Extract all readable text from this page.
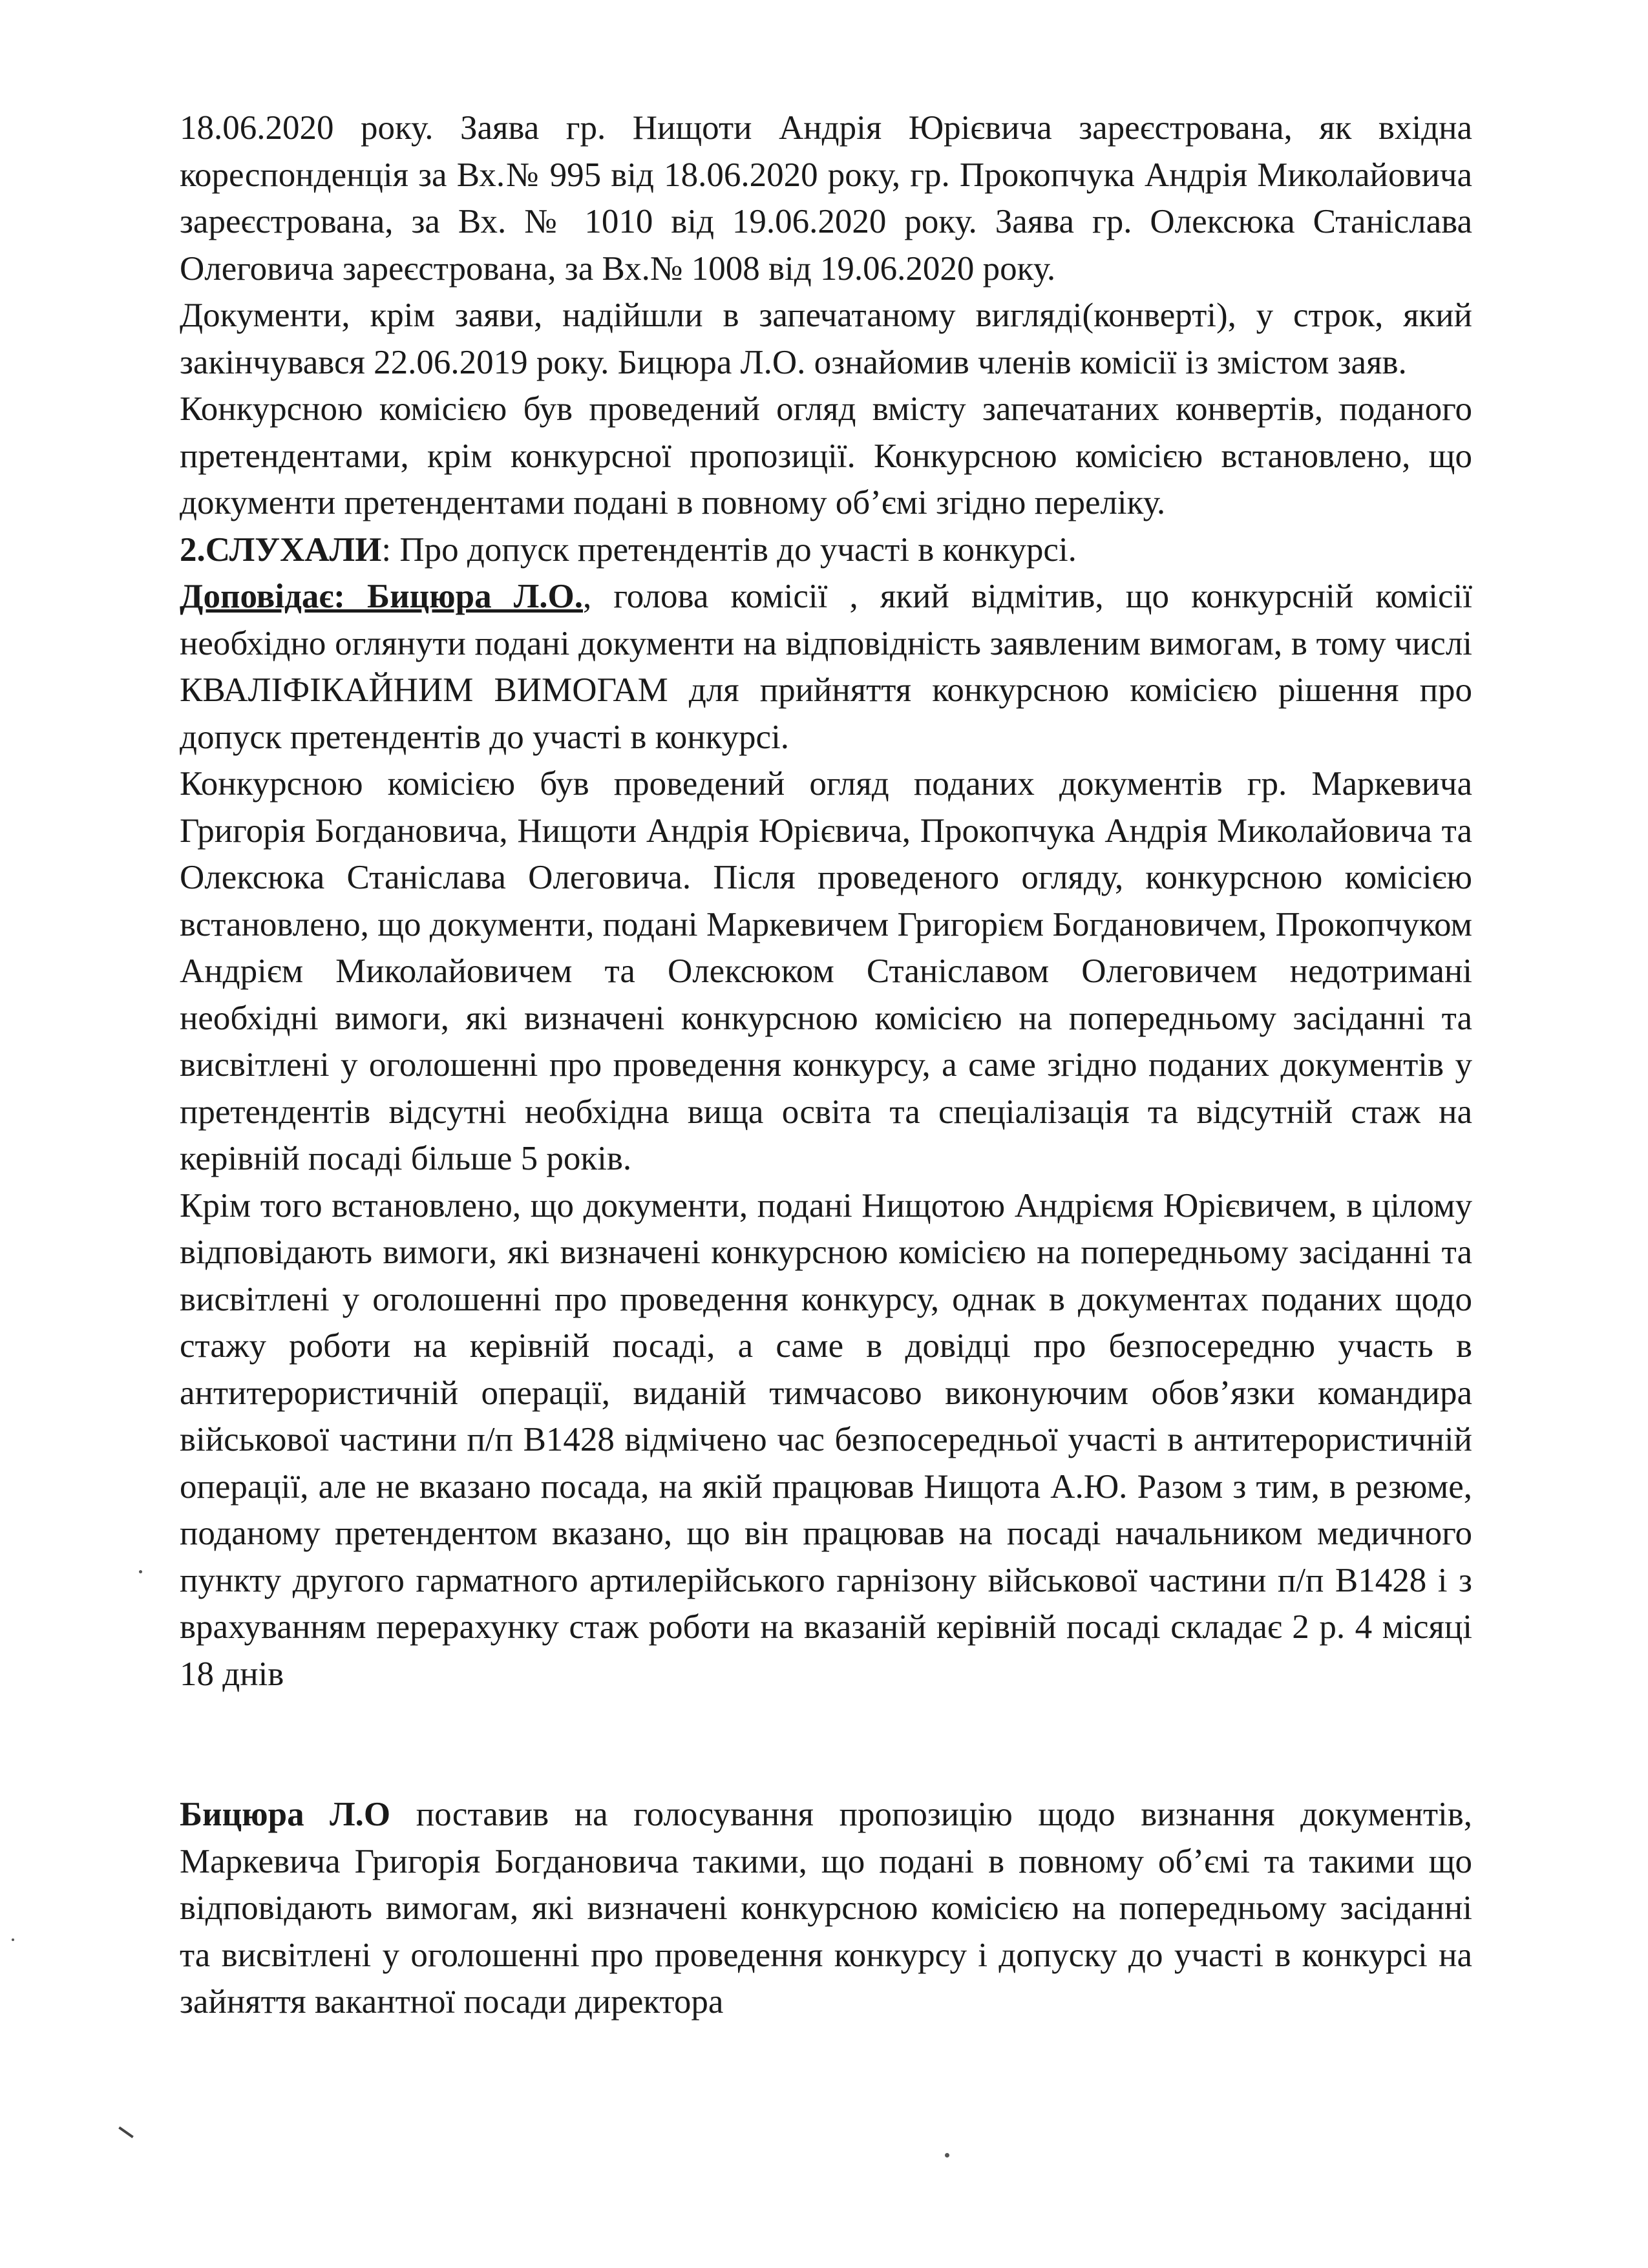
18.06.2020 року. Заява гр. Нищоти Андрія Юрієвича зареєстрована, як вхідна кореспонденція за Вх.№ 995 від 18.06.2020 року, гр. Прокопчука Андрія Миколайовича зареєстрована, за Вх. № 1010 від 19.06.2020 року. Заява гр. Олексюка Станіслава Олеговича зареєстрована, за Вх.№ 1008 від 19.06.2020 року.

Документи, крім заяви, надійшли в запечатаному вигляді(конверті), у строк, який закінчувався 22.06.2019 року. Бицюра Л.О. ознайомив членів комісії із змістом заяв.

Конкурсною комісією був проведений огляд вмісту запечатаних конвертів, поданого претендентами, крім конкурсної пропозиції. Конкурсною комісією встановлено, що документи претендентами подані в повному об’ємі згідно переліку.

2.СЛУХАЛИ: Про допуск претендентів до участі в конкурсі.

Доповідає: Бицюра Л.О., голова комісії , який відмітив, що конкурсній комісії необхідно оглянути подані документи на відповідність заявленим вимогам, в тому числі КВАЛІФІКАЙНИМ ВИМОГАМ для прийняття конкурсною комісією рішення про допуск претендентів до участі в конкурсі.

Конкурсною комісією був проведений огляд поданих документів гр. Маркевича Григорія Богдановича, Нищоти Андрія Юрієвича, Прокопчука Андрія Миколайовича та Олексюка Станіслава Олеговича. Після проведеного огляду, конкурсною комісією встановлено, що документи, подані Маркевичем Григорієм Богдановичем, Прокопчуком Андрієм Миколайовичем та Олексюком Станіславом Олеговичем недотримані необхідні вимоги, які визначені конкурсною комісією на попередньому засіданні та висвітлені у оголошенні про проведення конкурсу, а саме згідно поданих документів у претендентів відсутні необхідна вища освіта та спеціалізація та відсутній стаж на керівній посаді більше 5 років.

Крім того встановлено, що документи, подані Нищотою Андріємя Юрієвичем, в цілому відповідають вимоги, які визначені конкурсною комісією на попередньому засіданні та висвітлені у оголошенні про проведення конкурсу, однак в документах поданих щодо стажу роботи на керівній посаді, а саме в довідці про безпосередню участь в антитерористичній операції, виданій тимчасово виконуючим обов’язки командира військової частини п/п В1428 відмічено час безпосередньої участі в антитерористичній операції, але не вказано посада, на якій працював Нищота А.Ю. Разом з тим, в резюме, поданому претендентом вказано, що він працював на посаді начальником медичного пункту другого гарматного артилерійського гарнізону військової частини п/п В1428 і з врахуванням перерахунку стаж роботи на вказаній керівній посаді складає 2 р. 4 місяці 18 днів

Бицюра Л.О поставив на голосування пропозицію щодо визнання документів, Маркевича Григорія Богдановича такими, що подані в повному об’ємі та такими що відповідають вимогам, які визначені конкурсною комісією на попередньому засіданні та висвітлені у оголошенні про проведення конкурсу і допуску до участі в конкурсі на зайняття вакантної посади директора
